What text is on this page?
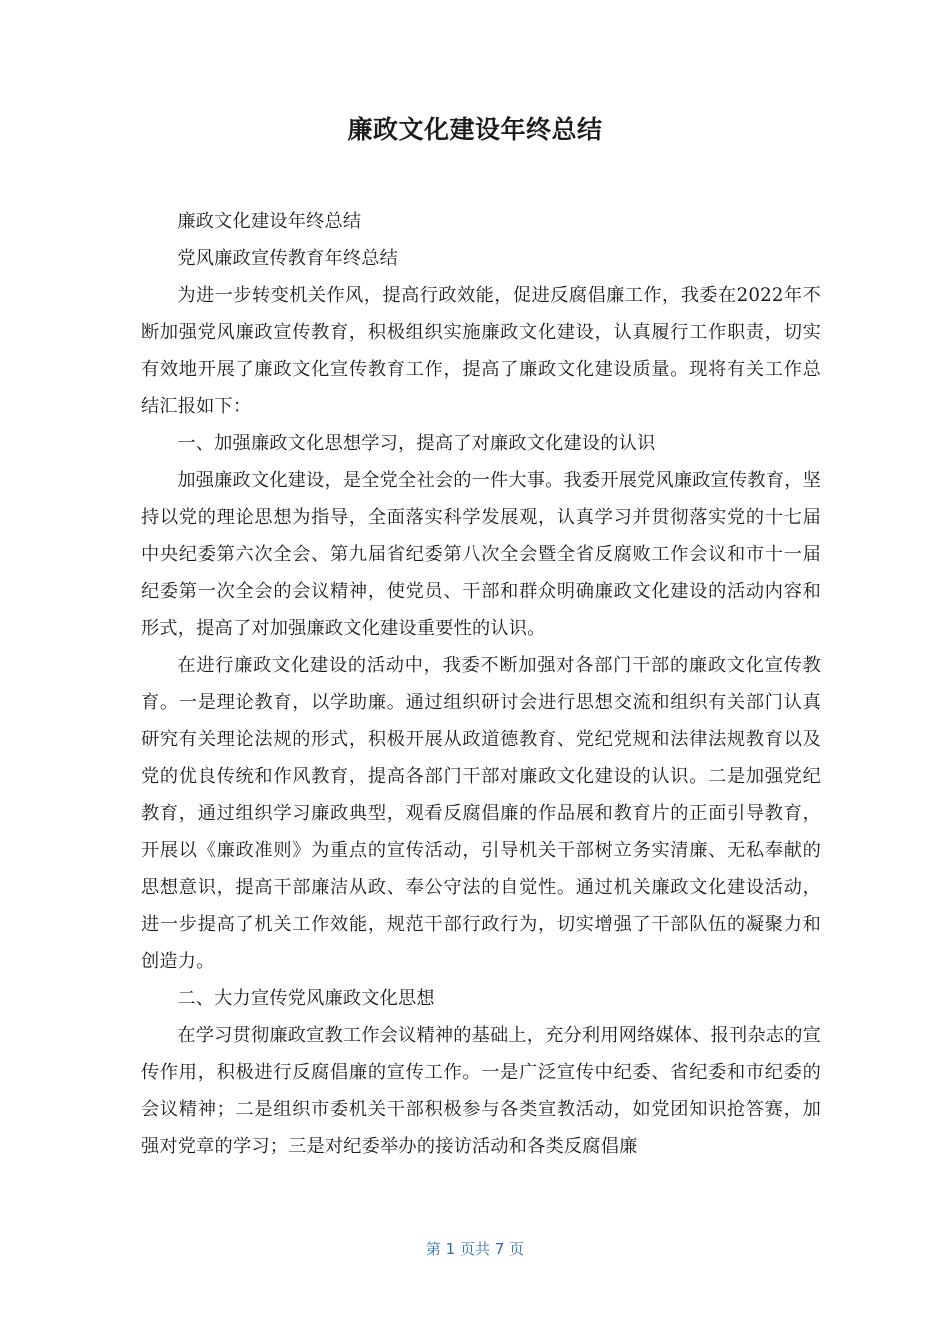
廉政文化建设年终总结

廉政文化建设年终总结

党风廉政宣传教育年终总结

为进一步转变机关作风，提高行政效能，促进反腐倡廉工作，我委在2022年不断加强党风廉政宣传教育，积极组织实施廉政文化建设，认真履行工作职责，切实有效地开展了廉政文化宣传教育工作，提高了廉政文化建设质量。现将有关工作总结汇报如下：

一、加强廉政文化思想学习，提高了对廉政文化建设的认识

加强廉政文化建设，是全党全社会的一件大事。我委开展党风廉政宣传教育，坚持以党的理论思想为指导，全面落实科学发展观，认真学习并贯彻落实党的十七届中央纪委第六次全会、第九届省纪委第八次全会暨全省反腐败工作会议和市十一届纪委第一次全会的会议精神，使党员、干部和群众明确廉政文化建设的活动内容和形式，提高了对加强廉政文化建设重要性的认识。

在进行廉政文化建设的活动中，我委不断加强对各部门干部的廉政文化宣传教育。一是理论教育，以学助廉。通过组织研讨会进行思想交流和组织有关部门认真研究有关理论法规的形式，积极开展从政道德教育、党纪党规和法律法规教育以及党的优良传统和作风教育，提高各部门干部对廉政文化建设的认识。二是加强党纪教育，通过组织学习廉政典型，观看反腐倡廉的作品展和教育片的正面引导教育，开展以《廉政准则》为重点的宣传活动，引导机关干部树立务实清廉、无私奉献的思想意识，提高干部廉洁从政、奉公守法的自觉性。通过机关廉政文化建设活动，进一步提高了机关工作效能，规范干部行政行为，切实增强了干部队伍的凝聚力和创造力。

二、大力宣传党风廉政文化思想

在学习贯彻廉政宣教工作会议精神的基础上，充分利用网络媒体、报刊杂志的宣传作用，积极进行反腐倡廉的宣传工作。一是广泛宣传中纪委、省纪委和市纪委的会议精神；二是组织市委机关干部积极参与各类宣教活动，如党团知识抢答赛，加强对党章的学习；三是对纪委举办的接访活动和各类反腐倡廉

第 1 页共 7 页
